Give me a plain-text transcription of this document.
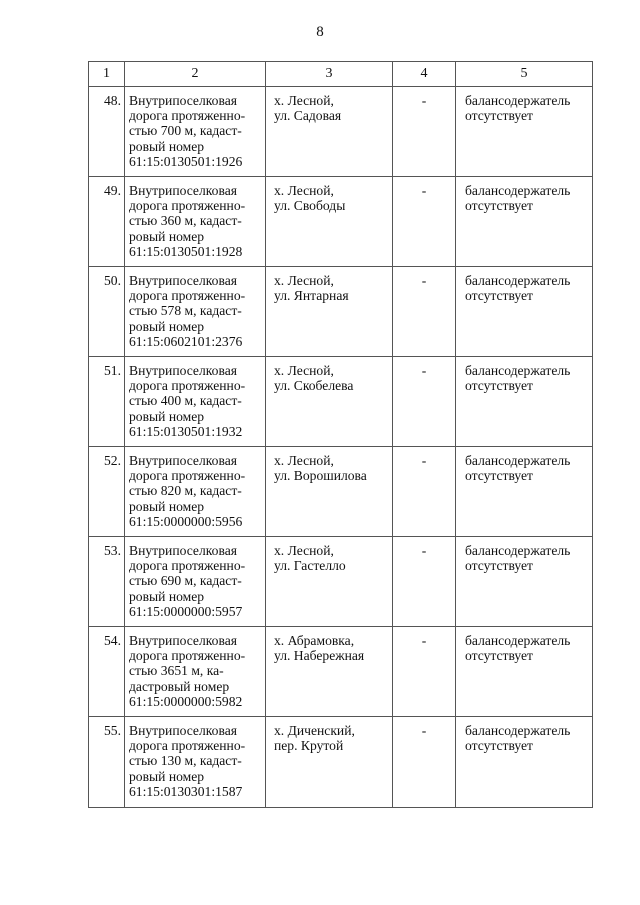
8
1	2	3	4	5
48.	Внутрипоселковая
дорога протяженно-
стью 700 м, кадаст-
ровый номер
61:15:0130501:1926	х. Лесной,
ул. Садовая	-	балансодержатель
отсутствует

49.	Внутрипоселковая
дорога протяженно-
стью 360 м, кадаст-
ровый номер
61:15:0130501:1928	х. Лесной,
ул. Свободы	-	балансодержатель
отсутствует

50.	Внутрипоселковая
дорога протяженно-
стью 578 м, кадаст-
ровый номер
61:15:0602101:2376	х. Лесной,
ул. Янтарная	-	балансодержатель
отсутствует

51.	Внутрипоселковая
дорога протяженно-
стью 400 м, кадаст-
ровый номер
61:15:0130501:1932	х. Лесной,
ул. Скобелева	-	балансодержатель
отсутствует

52.	Внутрипоселковая
дорога протяженно-
стью 820 м, кадаст-
ровый номер
61:15:0000000:5956	х. Лесной,
ул. Ворошилова	-	балансодержатель
отсутствует

53.	Внутрипоселковая
дорога протяженно-
стью 690 м, кадаст-
ровый номер
61:15:0000000:5957	х. Лесной,
ул. Гастелло	-	балансодержатель
отсутствует

54.	Внутрипоселковая
дорога протяженно-
стью 3651 м, ка-
дастровый номер
61:15:0000000:5982	х. Абрамовка,
ул. Набережная	-	балансодержатель
отсутствует

55.	Внутрипоселковая
дорога протяженно-
стью 130 м, кадаст-
ровый номер
61:15:0130301:1587	х. Диченский,
пер. Крутой	-	балансодержатель
отсутствует
